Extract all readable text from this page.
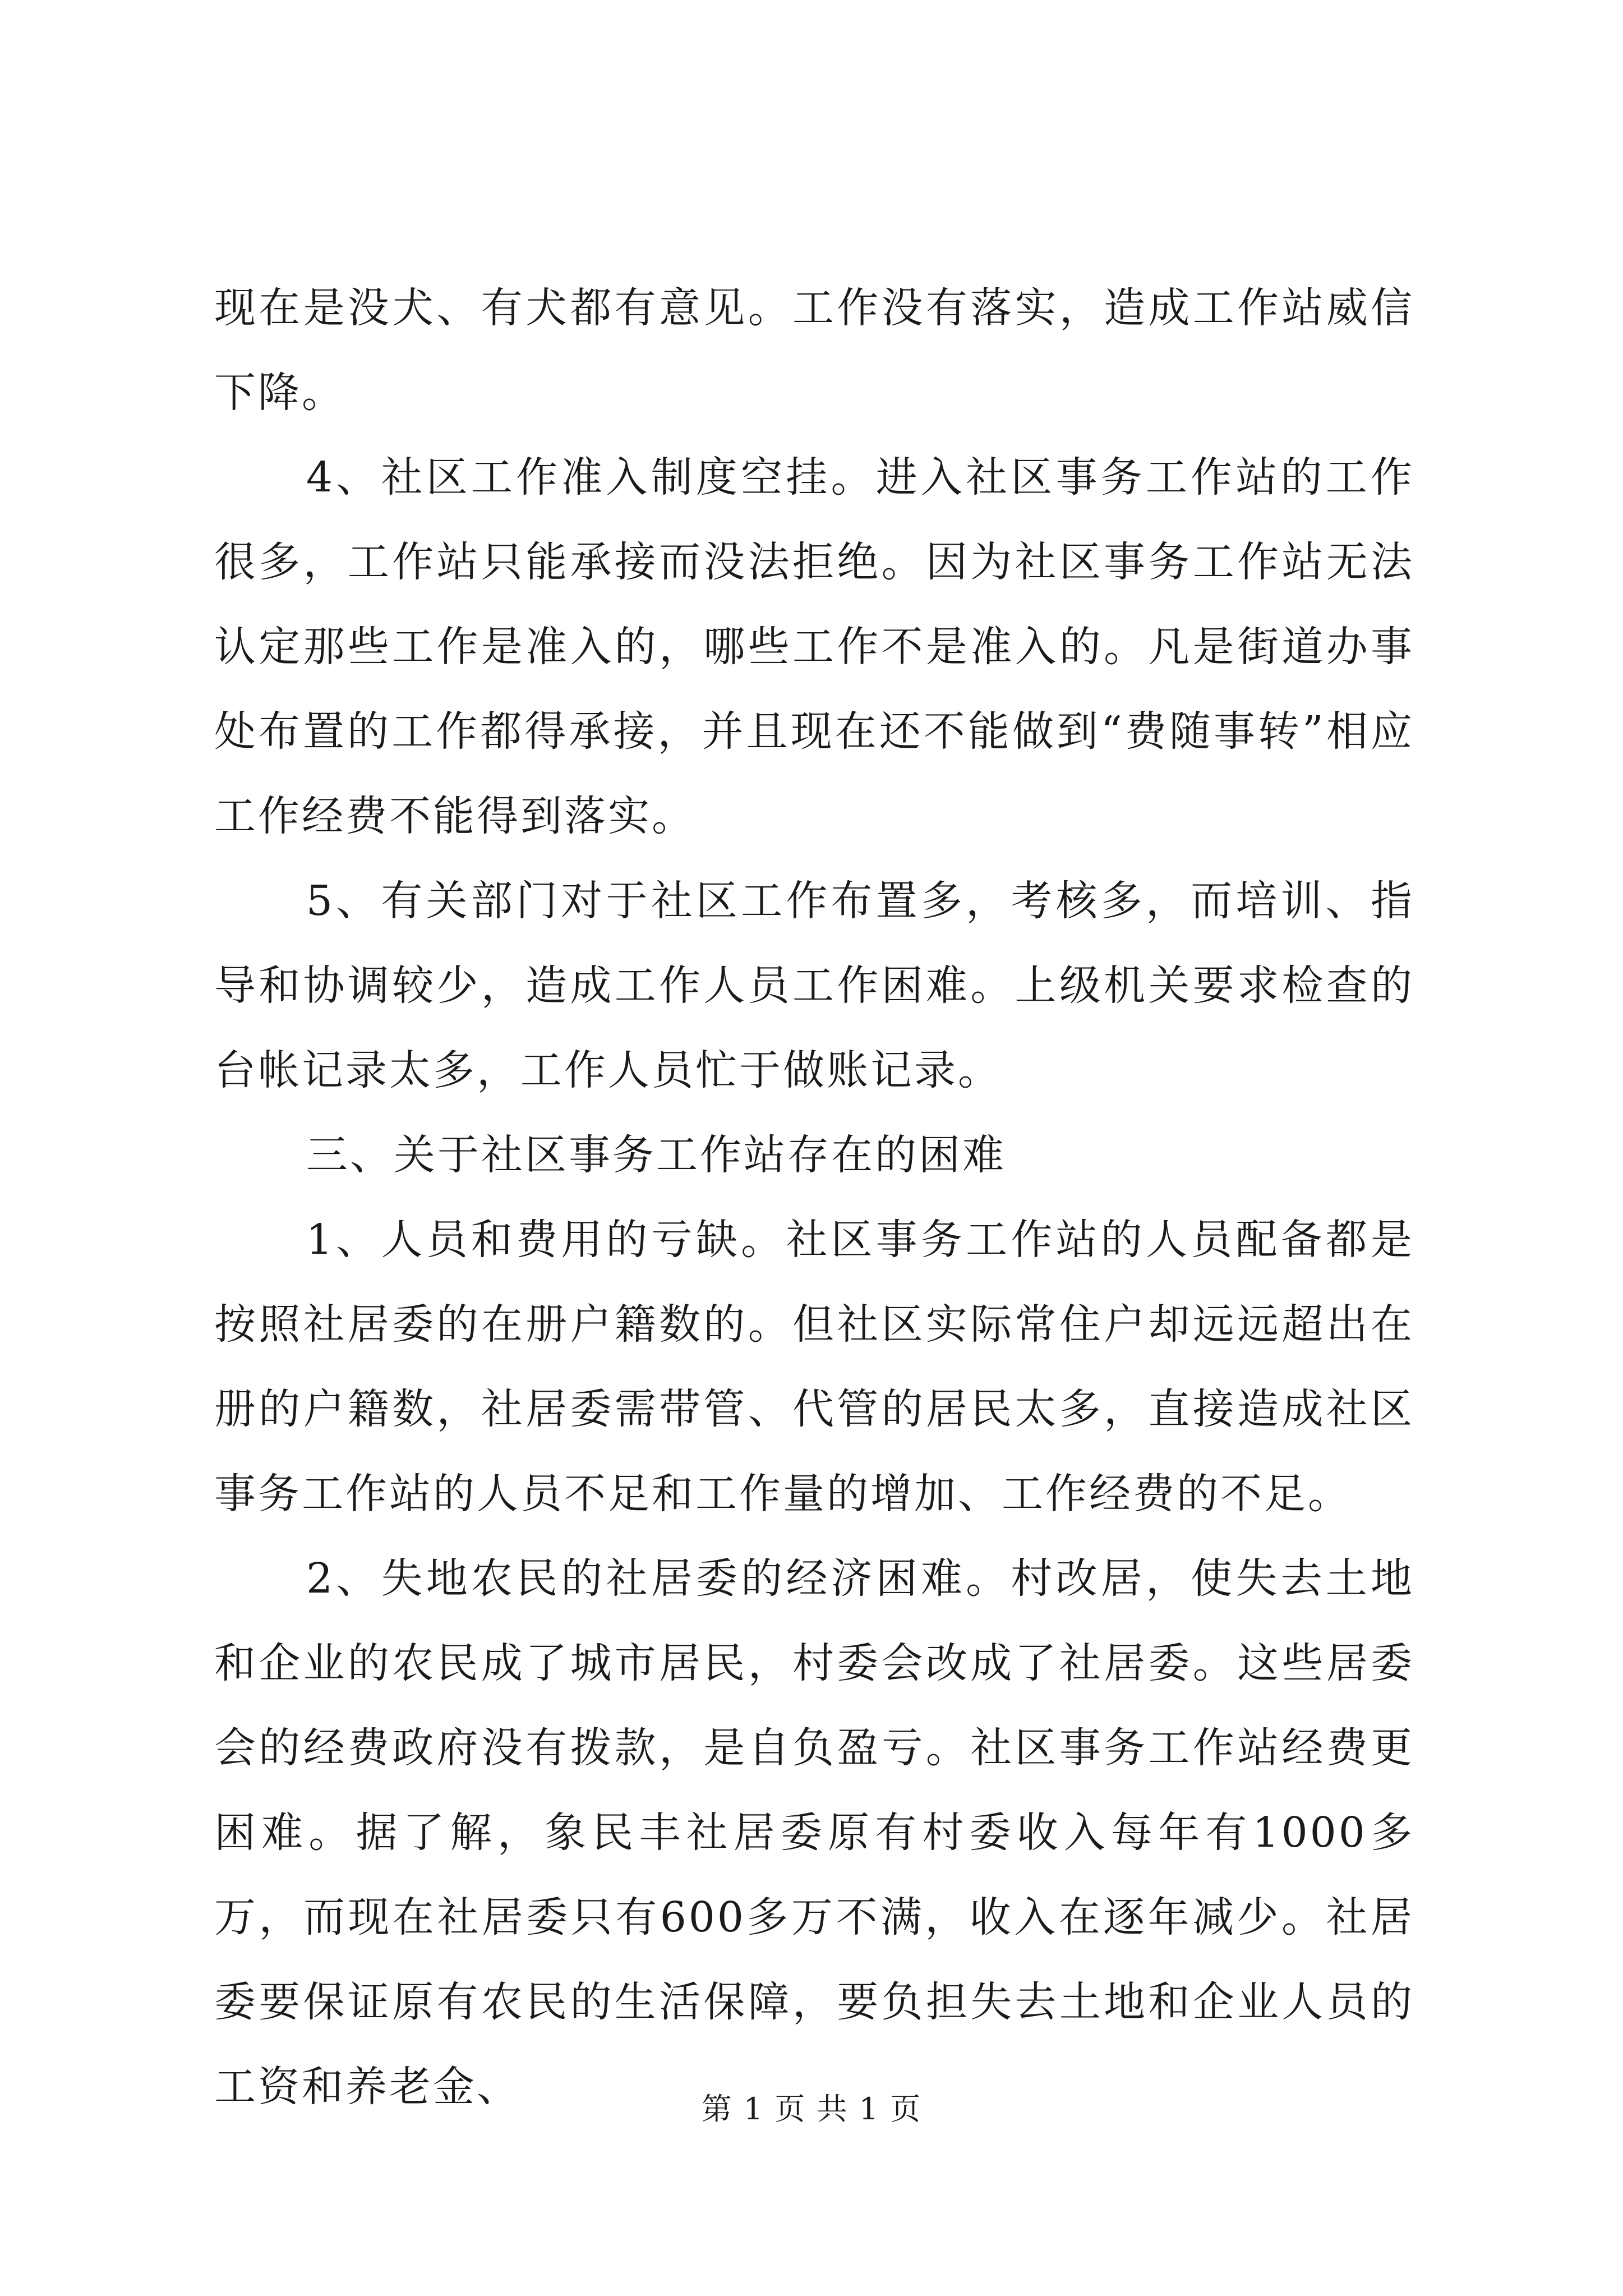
现在是没犬、有犬都有意见。工作没有落实，造成工作站威信下降。

4、社区工作准入制度空挂。进入社区事务工作站的工作很多，工作站只能承接而没法拒绝。因为社区事务工作站无法认定那些工作是准入的，哪些工作不是准入的。凡是街道办事处布置的工作都得承接，并且现在还不能做到“费随事转”相应工作经费不能得到落实。

5、有关部门对于社区工作布置多，考核多，而培训、指导和协调较少，造成工作人员工作困难。上级机关要求检查的台帐记录太多，工作人员忙于做账记录。

三、关于社区事务工作站存在的困难

1、人员和费用的亏缺。社区事务工作站的人员配备都是按照社居委的在册户籍数的。但社区实际常住户却远远超出在册的户籍数，社居委需带管、代管的居民太多，直接造成社区事务工作站的人员不足和工作量的增加、工作经费的不足。

2、失地农民的社居委的经济困难。村改居，使失去土地和企业的农民成了城市居民，村委会改成了社居委。这些居委会的经费政府没有拨款，是自负盈亏。社区事务工作站经费更困难。据了解，象民丰社居委原有村委收入每年有1000多万，而现在社居委只有600多万不满，收入在逐年减少。社居委要保证原有农民的生活保障，要负担失去土地和企业人员的工资和养老金、	第 1 页 共 1 页
